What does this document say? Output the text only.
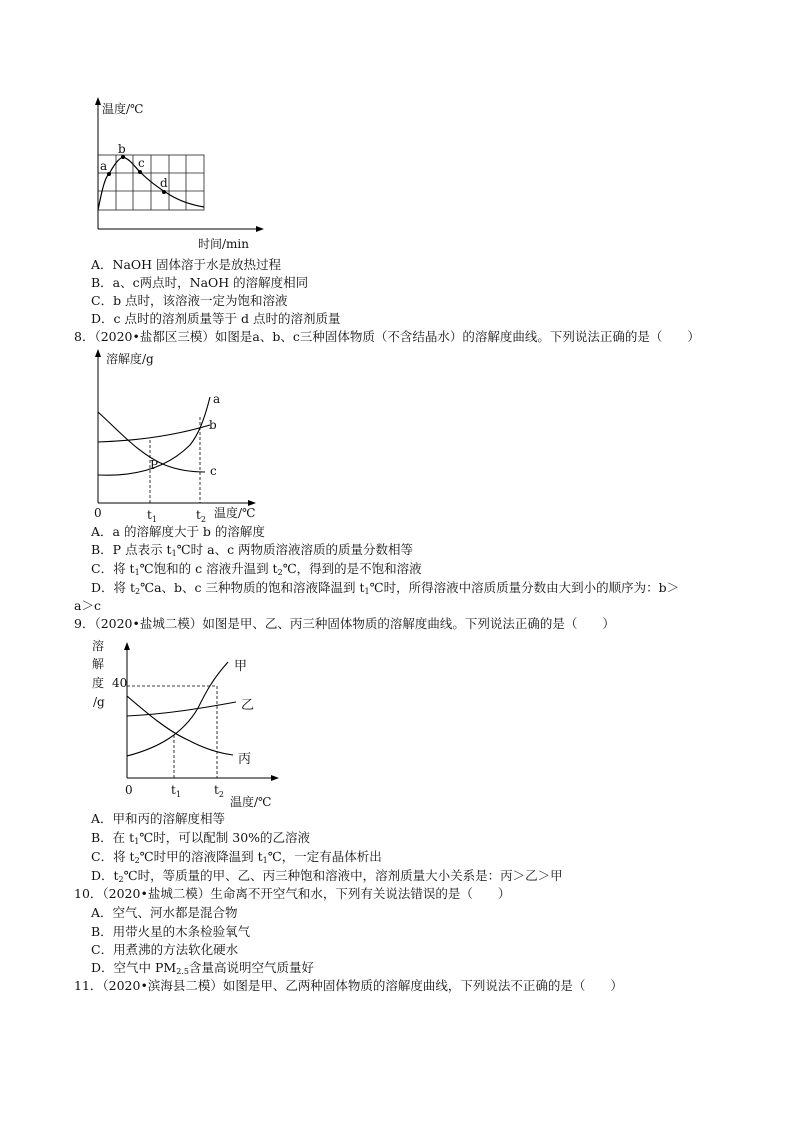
a
b
c
d
温度/℃
时间/min
A．NaOH 固体溶于水是放热过程
B．a、c两点时，NaOH 的溶解度相同
C．b 点时，该溶液一定为饱和溶液
D．c 点时的溶剂质量等于 d 点时的溶剂质量
8．（2020•盐都区三模）如图是a、b、c三种固体物质（不含结晶水）的溶解度曲线。下列说法正确的是（　　）
a
b
c
P
溶解度/g
0	$t_1$	$t_2$ 温度/℃
A．a 的溶解度大于 b 的溶解度
B．P 点表示 $t_1℃$时 a、c 两物质溶液溶质的质量分数相等
C．将 $t_1℃$饱和的 c 溶液升温到 $t_2℃$，得到的是不饱和溶液
D．将 $t_2℃a$、b、c 三种物质的饱和溶液降温到 $t_1℃$时，所得溶液中溶质质量分数由大到小的顺序为：b＞
a＞c
9．（2020•盐城二模）如图是甲、乙、丙三种固体物质的溶解度曲线。下列说法正确的是（　　）
溶
解
度
/g
40
甲
乙
丙
0	$t_1$	$t_2$
温度/℃
A．甲和丙的溶解度相等
B．在 $t_1℃$时，可以配制 30%的乙溶液
C．将 $t_2℃$时甲的溶液降温到 $t_1℃$，一定有晶体析出
D．$t_2℃$时，等质量的甲、乙、丙三种饱和溶液中，溶剂质量大小关系是：丙＞乙＞甲
10．（2020•盐城二模）生命离不开空气和水，下列有关说法错误的是（　　）
A．空气、河水都是混合物
B．用带火星的木条检验氧气
C．用煮沸的方法软化硬水
D．空气中 $PM_{2.5}$含量高说明空气质量好
11．（2020•滨海县二模）如图是甲、乙两种固体物质的溶解度曲线，下列说法不正确的是（　　）
